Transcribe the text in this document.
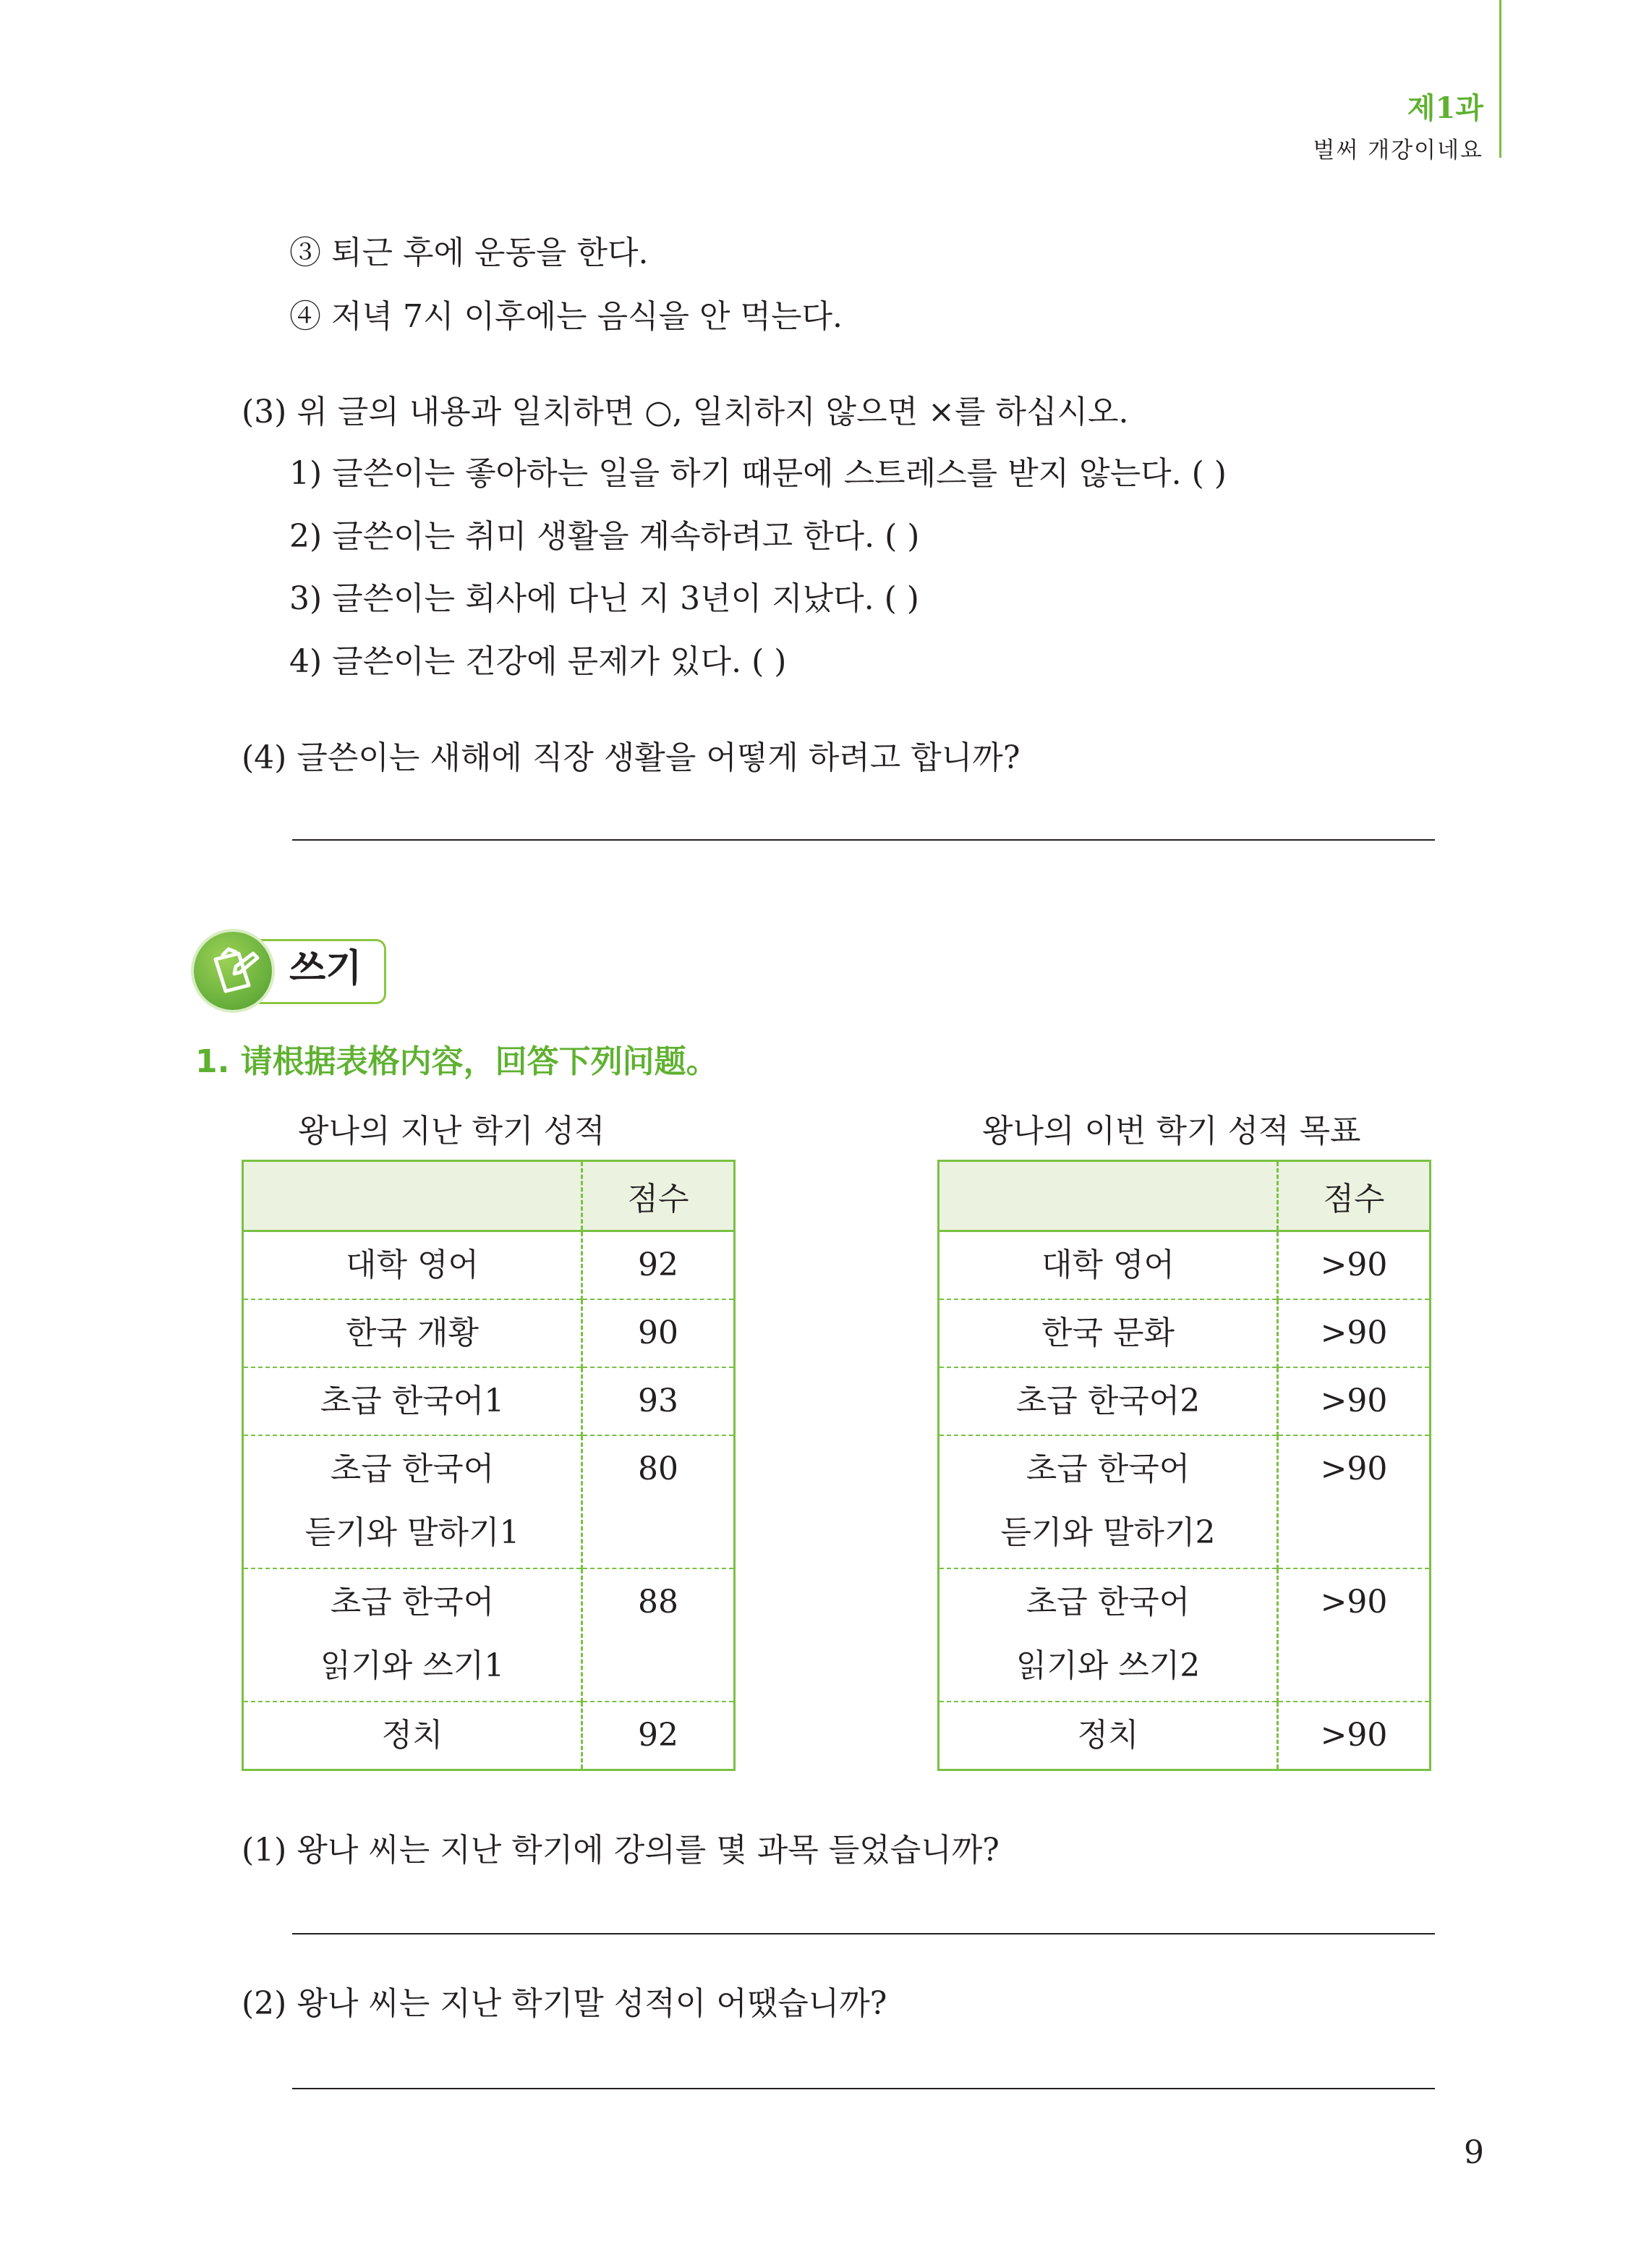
제1과
벌써 개강이네요
③ 퇴근 후에 운동을 한다.
④ 저녁 7시 이후에는 음식을 안 먹는다.
(3) 위 글의 내용과 일치하면 ○, 일치하지 않으면 ×를 하십시오.
1) 글쓴이는 좋아하는 일을 하기 때문에 스트레스를 받지 않는다. ( )
2) 글쓴이는 취미 생활을 계속하려고 한다. ( )
3) 글쓴이는 회사에 다닌 지 3년이 지났다. ( )
4) 글쓴이는 건강에 문제가 있다. ( )
(4) 글쓴이는 새해에 직장 생활을 어떻게 하려고 합니까?
쓰기
1. 请根据表格内容，回答下列问题。
왕나의 지난 학기 성적	왕나의 이번 학기 성적 목표
	점수
대학 영어	92
한국 개황	90
초급 한국어1	93

초급 한국어
듣기와 말하기1	80

초급 한국어
읽기와 쓰기1	88
정치	92
	점수
대학 영어	>90
한국 문화	>90
초급 한국어2	>90

초급 한국어
듣기와 말하기2	>90

초급 한국어
읽기와 쓰기2	>90
정치	>90
(1) 왕나 씨는 지난 학기에 강의를 몇 과목 들었습니까?
(2) 왕나 씨는 지난 학기말 성적이 어땠습니까?
9
